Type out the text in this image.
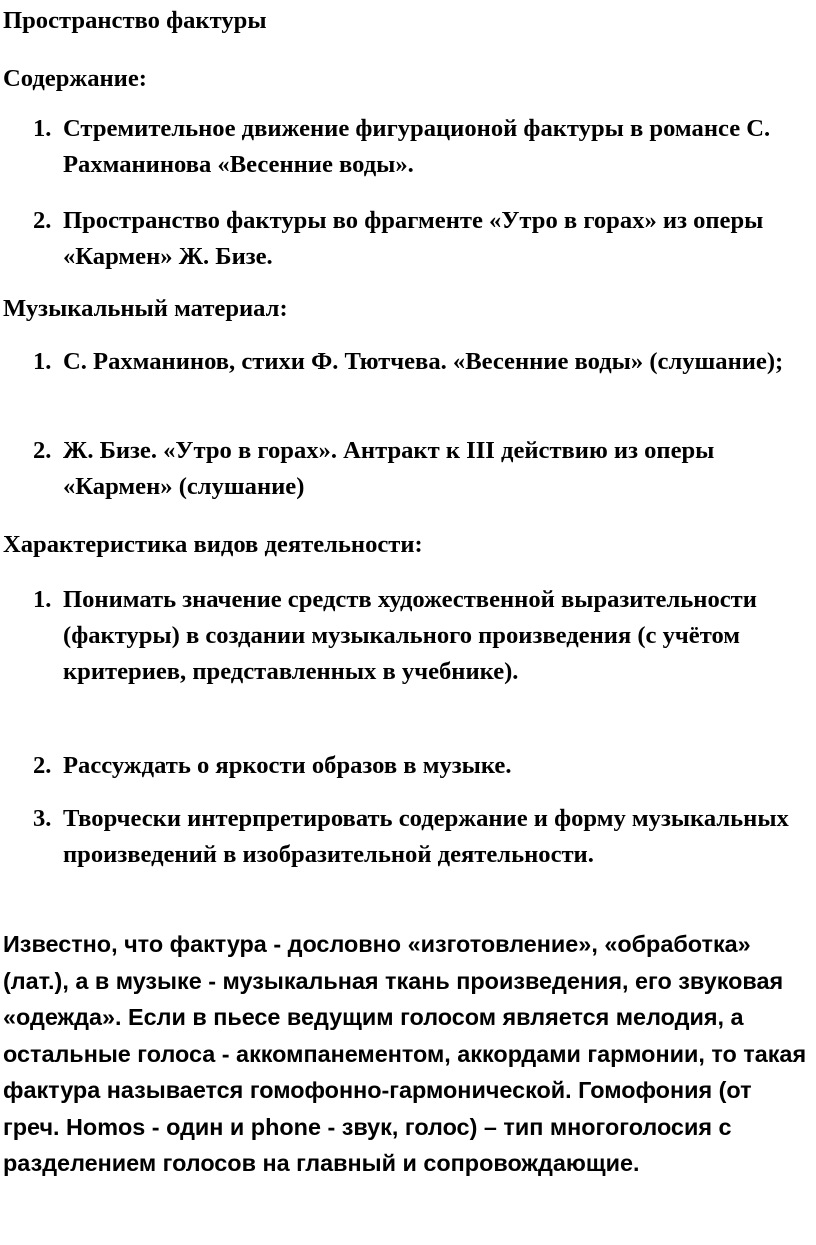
Пространство фактуры

Содержание:

1. Стремительное движение фигурационой фактуры в романсе С. Рахманинова «Весенние воды».
2. Пространство фактуры во фрагменте «Утро в горах» из оперы «Кармен» Ж. Бизе.

Музыкальный материал:

1. С. Рахманинов, стихи Ф. Тютчева. «Весенние воды» (слушание);
2. Ж. Бизе. «Утро в горах». Антракт к III действию из оперы «Кармен» (слушание)

Характеристика видов деятельности:

1. Понимать значение средств художественной выразительности (фактуры) в создании музыкального произведения (с учётом критериев, представленных в учебнике).
2. Рассуждать о яркости образов в музыке.
3. Творчески интерпретировать содержание и форму музыкальных произведений в изобразительной деятельности.

Известно, что фактура - дословно «изготовление», «обработка» (лат.), а в музыке - музыкальная ткань произведения, его звуковая «одежда». Если в пьесе ведущим голосом является мелодия, а остальные голоса - аккомпанементом, аккордами гармонии, то такая фактура называется гомофонно-гармонической. Гомофония (от греч. Homos - один и phone - звук, голос) – тип многоголосия с разделением голосов на главный и сопровождающие.
